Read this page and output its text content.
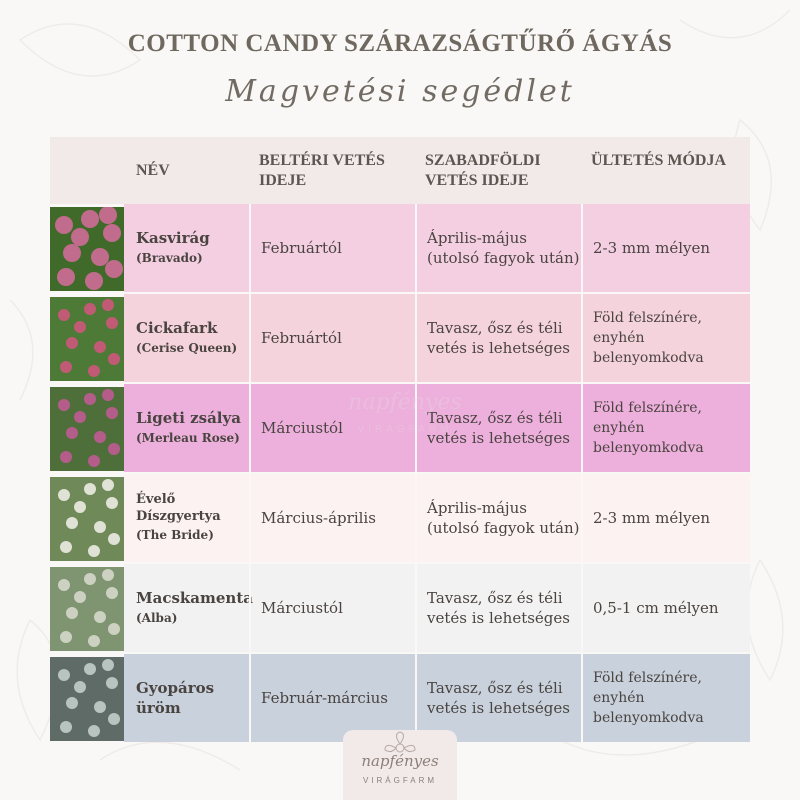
COTTON CANDY SZÁRAZSÁGTŰRŐ ÁGYÁS
Magvetési segédlet
NÉV
BELTÉRI VETÉS IDEJE
SZABADFÖLDI VETÉS IDEJE
ÜLTETÉS MÓDJA
Kasvirág
(Bravado)
Februártól
Április-május (utolsó fagyok után)
2-3 mm mélyen
Cickafark
(Cerise Queen)
Februártól
Tavasz, ősz és téli vetés is lehetséges
Föld felszínére, enyhén belenyomkodva
Ligeti zsálya
(Merleau Rose)
Márciustól
Tavasz, ősz és téli vetés is lehetséges
Föld felszínére, enyhén belenyomkodva
Évelő Díszgyertya
(The Bride)
Március-április
Április-május (utolsó fagyok után)
2-3 mm mélyen
Macskamenta
(Alba)
Márciustól
Tavasz, ősz és téli vetés is lehetséges
0,5-1 cm mélyen
Gyopáros üröm
Február-március
Tavasz, ősz és téli vetés is lehetséges
Föld felszínére, enyhén belenyomkodva
napfényes
VIRÁGFARM
napfényes
VIRÁGFARM
